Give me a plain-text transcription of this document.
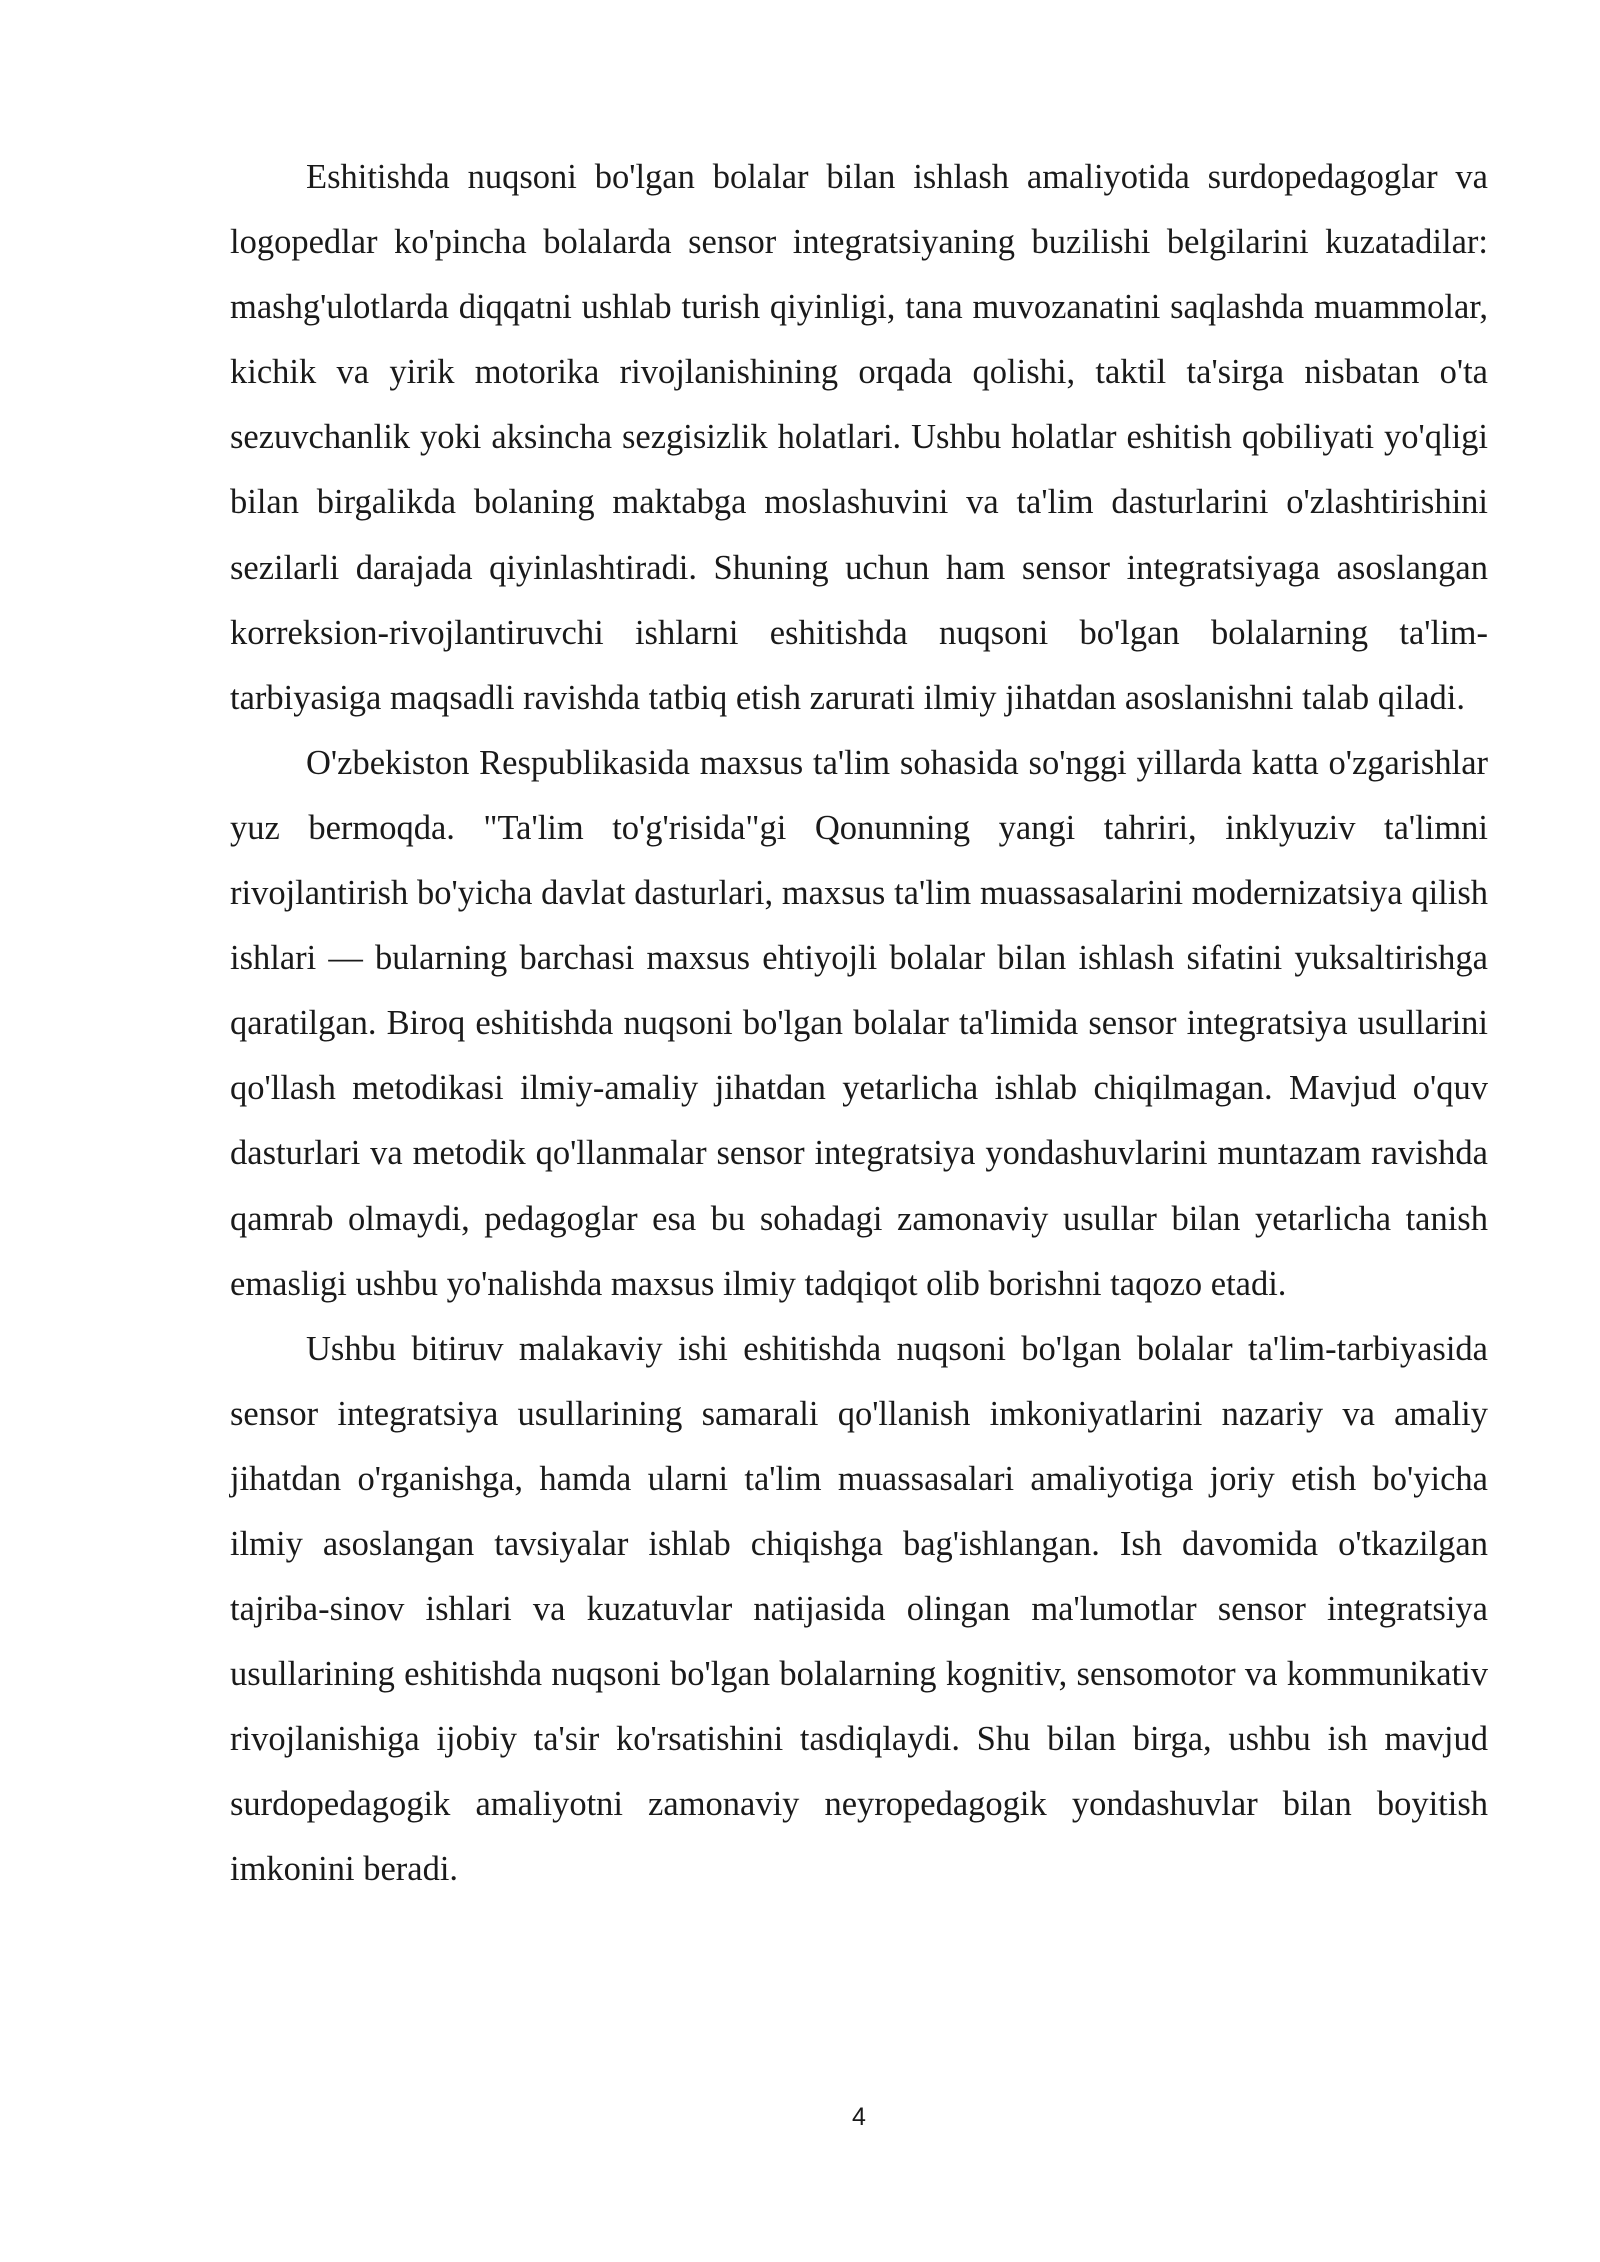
Eshitishda nuqsoni bo'lgan bolalar bilan ishlash amaliyotida surdopedagoglar va logopedlar ko'pincha bolalarda sensor integratsiyaning buzilishi belgilarini kuzatadilar: mashg'ulotlarda diqqatni ushlab turish qiyinligi, tana muvozanatini saqlashda muammolar, kichik va yirik motorika rivojlanishining orqada qolishi, taktil ta'sirga nisbatan o'ta sezuvchanlik yoki aksincha sezgisizlik holatlari. Ushbu holatlar eshitish qobiliyati yo'qligi bilan birgalikda bolaning maktabga moslashuvini va ta'lim dasturlarini o'zlashtirishini sezilarli darajada qiyinlashtiradi. Shuning uchun ham sensor integratsiyaga asoslangan korreksion-rivojlantiruvchi ishlarni eshitishda nuqsoni bo'lgan bolalarning ta'lim-tarbiyasiga maqsadli ravishda tatbiq etish zarurati ilmiy jihatdan asoslanishni talab qiladi.

O'zbekiston Respublikasida maxsus ta'lim sohasida so'nggi yillarda katta o'zgarishlar yuz bermoqda. "Ta'lim to'g'risida"gi Qonunning yangi tahriri, inklyuziv ta'limni rivojlantirish bo'yicha davlat dasturlari, maxsus ta'lim muassasalarini modernizatsiya qilish ishlari — bularning barchasi maxsus ehtiyojli bolalar bilan ishlash sifatini yuksaltirishga qaratilgan. Biroq eshitishda nuqsoni bo'lgan bolalar ta'limida sensor integratsiya usullarini qo'llash metodikasi ilmiy-amaliy jihatdan yetarlicha ishlab chiqilmagan. Mavjud o'quv dasturlari va metodik qo'llanmalar sensor integratsiya yondashuvlarini muntazam ravishda qamrab olmaydi, pedagoglar esa bu sohadagi zamonaviy usullar bilan yetarlicha tanish emasligi ushbu yo'nalishda maxsus ilmiy tadqiqot olib borishni taqozo etadi.

Ushbu bitiruv malakaviy ishi eshitishda nuqsoni bo'lgan bolalar ta'lim-tarbiyasida sensor integratsiya usullarining samarali qo'llanish imkoniyatlarini nazariy va amaliy jihatdan o'rganishga, hamda ularni ta'lim muassasalari amaliyotiga joriy etish bo'yicha ilmiy asoslangan tavsiyalar ishlab chiqishga bag'ishlangan. Ish davomida o'tkazilgan tajriba-sinov ishlari va kuzatuvlar natijasida olingan ma'lumotlar sensor integratsiya usullarining eshitishda nuqsoni bo'lgan bolalarning kognitiv, sensomotor va kommunikativ rivojlanishiga ijobiy ta'sir ko'rsatishini tasdiqlaydi. Shu bilan birga, ushbu ish mavjud surdopedagogik amaliyotni zamonaviy neyropedagogik yondashuvlar bilan boyitish imkonini beradi.

4
